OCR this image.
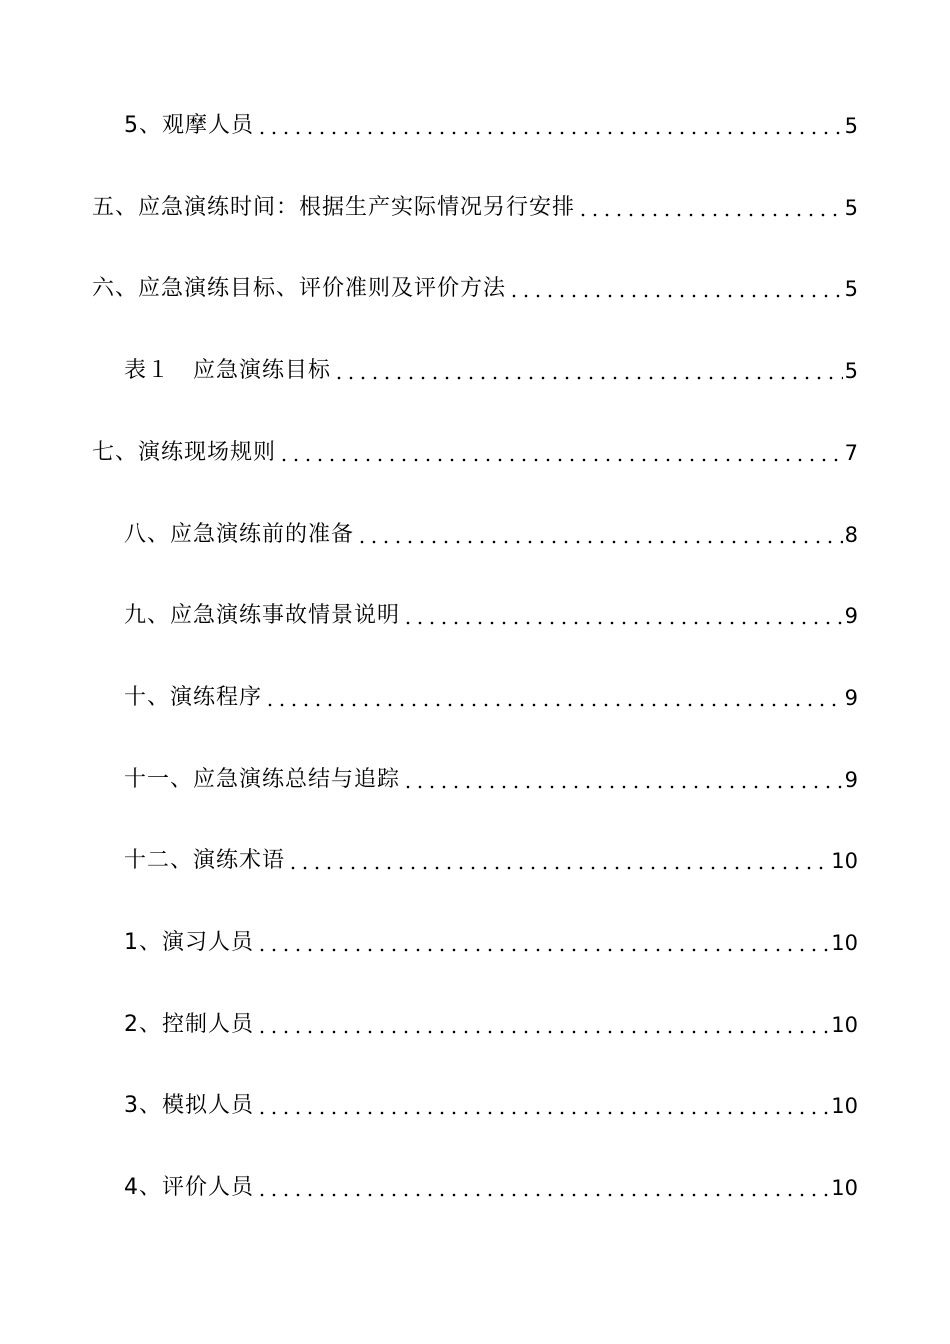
5、观摩人员	5
五、应急演练时间：根据生产实际情况另行安排	5
六、应急演练目标、评价准则及评价方法	5
表１　应急演练目标	5
七、演练现场规则	7
八、应急演练前的准备	8
九、应急演练事故情景说明	9
十、演练程序	9
十一、应急演练总结与追踪	9
十二、演练术语	10
1、演习人员	10
2、控制人员	10
3、模拟人员	10
4、评价人员	10
